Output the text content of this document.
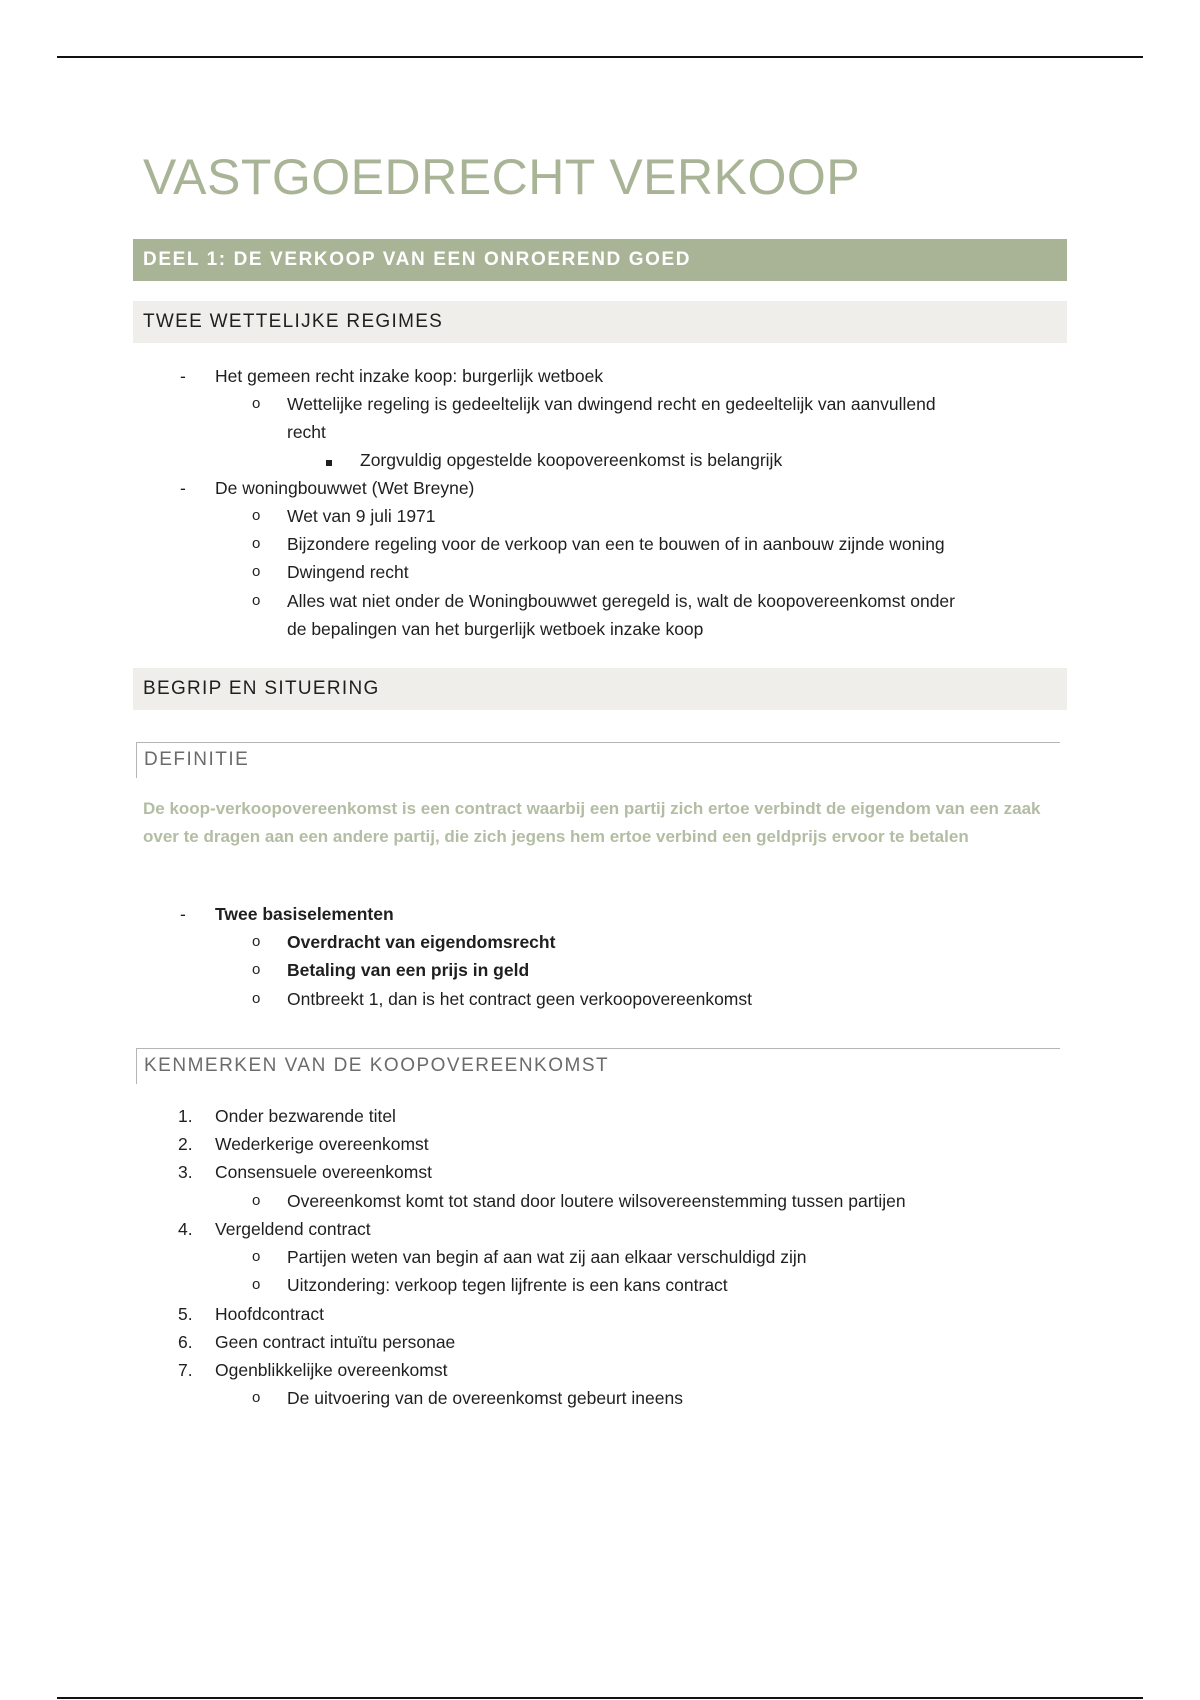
VASTGOEDRECHT VERKOOP
DEEL 1: DE VERKOOP VAN EEN ONROEREND GOED
TWEE WETTELIJKE REGIMES
- Het gemeen recht inzake koop: burgerlijk wetboek
o Wettelijke regeling is gedeeltelijk van dwingend recht en gedeeltelijk van aanvullend
recht
Zorgvuldig opgestelde koopovereenkomst is belangrijk
- De woningbouwwet (Wet Breyne)
o Wet van 9 juli 1971
o Bijzondere regeling voor de verkoop van een te bouwen of in aanbouw zijnde woning
o Dwingend recht
o Alles wat niet onder de Woningbouwwet geregeld is, walt de koopovereenkomst onder
de bepalingen van het burgerlijk wetboek inzake koop
BEGRIP EN SITUERING
DEFINITIE
De koop-verkoopovereenkomst is een contract waarbij een partij zich ertoe verbindt de eigendom van een zaak over te dragen aan een andere partij, die zich jegens hem ertoe verbind een geldprijs ervoor te betalen
- Twee basiselementen
o Overdracht van eigendomsrecht
o Betaling van een prijs in geld
o Ontbreekt 1, dan is het contract geen verkoopovereenkomst
KENMERKEN VAN DE KOOPOVEREENKOMST
1. Onder bezwarende titel
2. Wederkerige overeenkomst
3. Consensuele overeenkomst
o Overeenkomst komt tot stand door loutere wilsovereenstemming tussen partijen
4. Vergeldend contract
o Partijen weten van begin af aan wat zij aan elkaar verschuldigd zijn
o Uitzondering: verkoop tegen lijfrente is een kans contract
5. Hoofdcontract
6. Geen contract intuïtu personae
7. Ogenblikkelijke overeenkomst
o De uitvoering van de overeenkomst gebeurt ineens
